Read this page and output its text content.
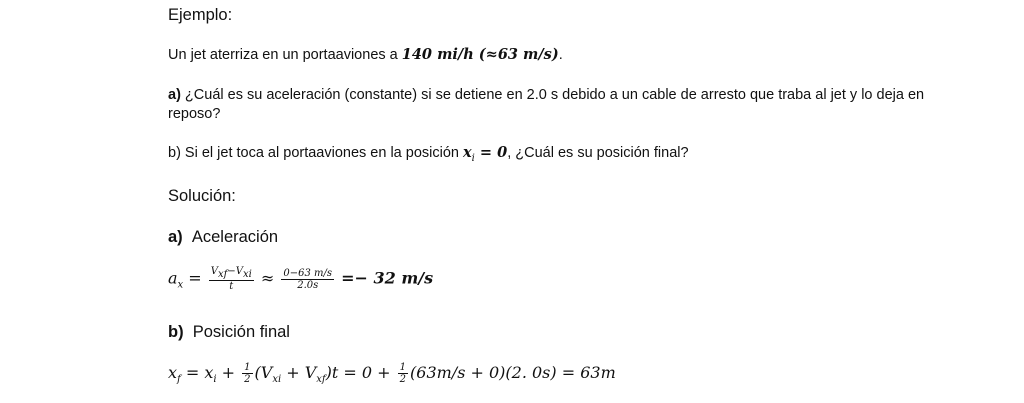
Ejemplo:
Un jet aterriza en un portaaviones a 140 mi/h (≈63 m/s).
a) ¿Cuál es su aceleración (constante) si se detiene en 2.0 s debido a un cable de arresto que traba al jet y lo deja en reposo?
b) Si el jet toca al portaaviones en la posición $x_i = 0$, ¿Cuál es su posición final?
Solución:
a) Aceleración
$a_x = \frac{V_{xf}-V_{xi}}{t} \approx \frac{0-63 m/s}{2.0s} =- 32$ m/s
b) Posición final
$x_f = x_i + \frac{1}{2} (V_{xi} + V_{xf})t = 0 + \frac{1}{2} (63m/s + 0)(2$. 0s) = 63m
